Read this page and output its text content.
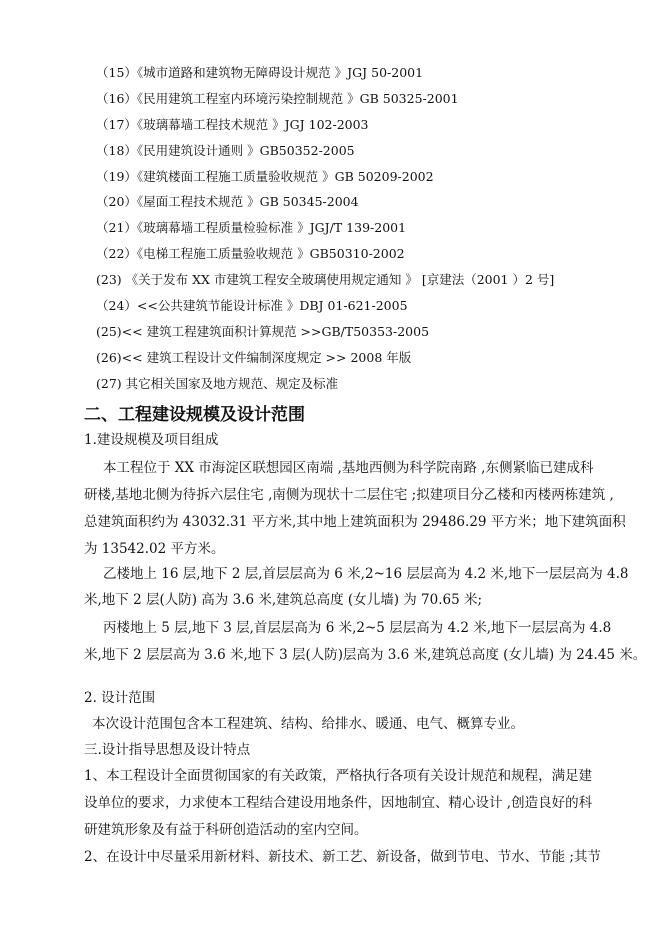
（15）《城市道路和建筑物无障碍设计规范 》JGJ 50-2001
（16）《民用建筑工程室内环境污染控制规范 》GB 50325-2001
（17）《玻璃幕墙工程技术规范 》JGJ 102-2003
（18）《民用建筑设计通则 》GB50352-2005
（19）《建筑楼面工程施工质量验收规范 》GB 50209-2002
（20）《屋面工程技术规范 》GB 50345-2004
（21）《玻璃幕墙工程质量检验标准 》JGJ/T 139-2001
（22）《电梯工程施工质量验收规范 》GB50310-2002
(23) 《关于发布 XX 市建筑工程安全玻璃使用规定通知 》 [京建法（2001 ）2 号]
（24）<<公共建筑节能设计标准 》DBJ 01-621-2005
(25)<< 建筑工程建筑面积计算规范 >>GB/T50353-2005
(26)<< 建筑工程设计文件编制深度规定 >> 2008 年版
(27) 其它相关国家及地方规范、规定及标准
二、工程建设规模及设计范围
1.建设规模及项目组成
本工程位于 XX 市海淀区联想园区南端 ,基地西侧为科学院南路 ,东侧紧临已建成科
研楼,基地北侧为待拆六层住宅 ,南侧为现状十二层住宅 ;拟建项目分乙楼和丙楼两栋建筑 ,
总建筑面积约为 43032.31 平方米,其中地上建筑面积为 29486.29 平方米；地下建筑面积
为 13542.02 平方米。
乙楼地上 16 层,地下 2 层,首层层高为 6 米,2~16 层层高为 4.2 米,地下一层层高为 4.8
米,地下 2 层(人防) 高为 3.6 米,建筑总高度 (女儿墙) 为 70.65 米;
丙楼地上 5 层,地下 3 层,首层层高为 6 米,2~5 层层高为 4.2 米,地下一层层高为 4.8
米,地下 2 层层高为 3.6 米,地下 3 层(人防)层高为 3.6 米,建筑总高度 (女儿墙) 为 24.45 米。
2. 设计范围
本次设计范围包含本工程建筑、结构、给排水、暖通、电气、概算专业。
三.设计指导思想及设计特点
1、本工程设计全面贯彻国家的有关政策，严格执行各项有关设计规范和规程，满足建
设单位的要求，力求使本工程结合建设用地条件，因地制宜、精心设计 ,创造良好的科
研建筑形象及有益于科研创造活动的室内空间。
2、在设计中尽量采用新材料、新技术、新工艺、新设备，做到节电、节水、节能 ;其节
